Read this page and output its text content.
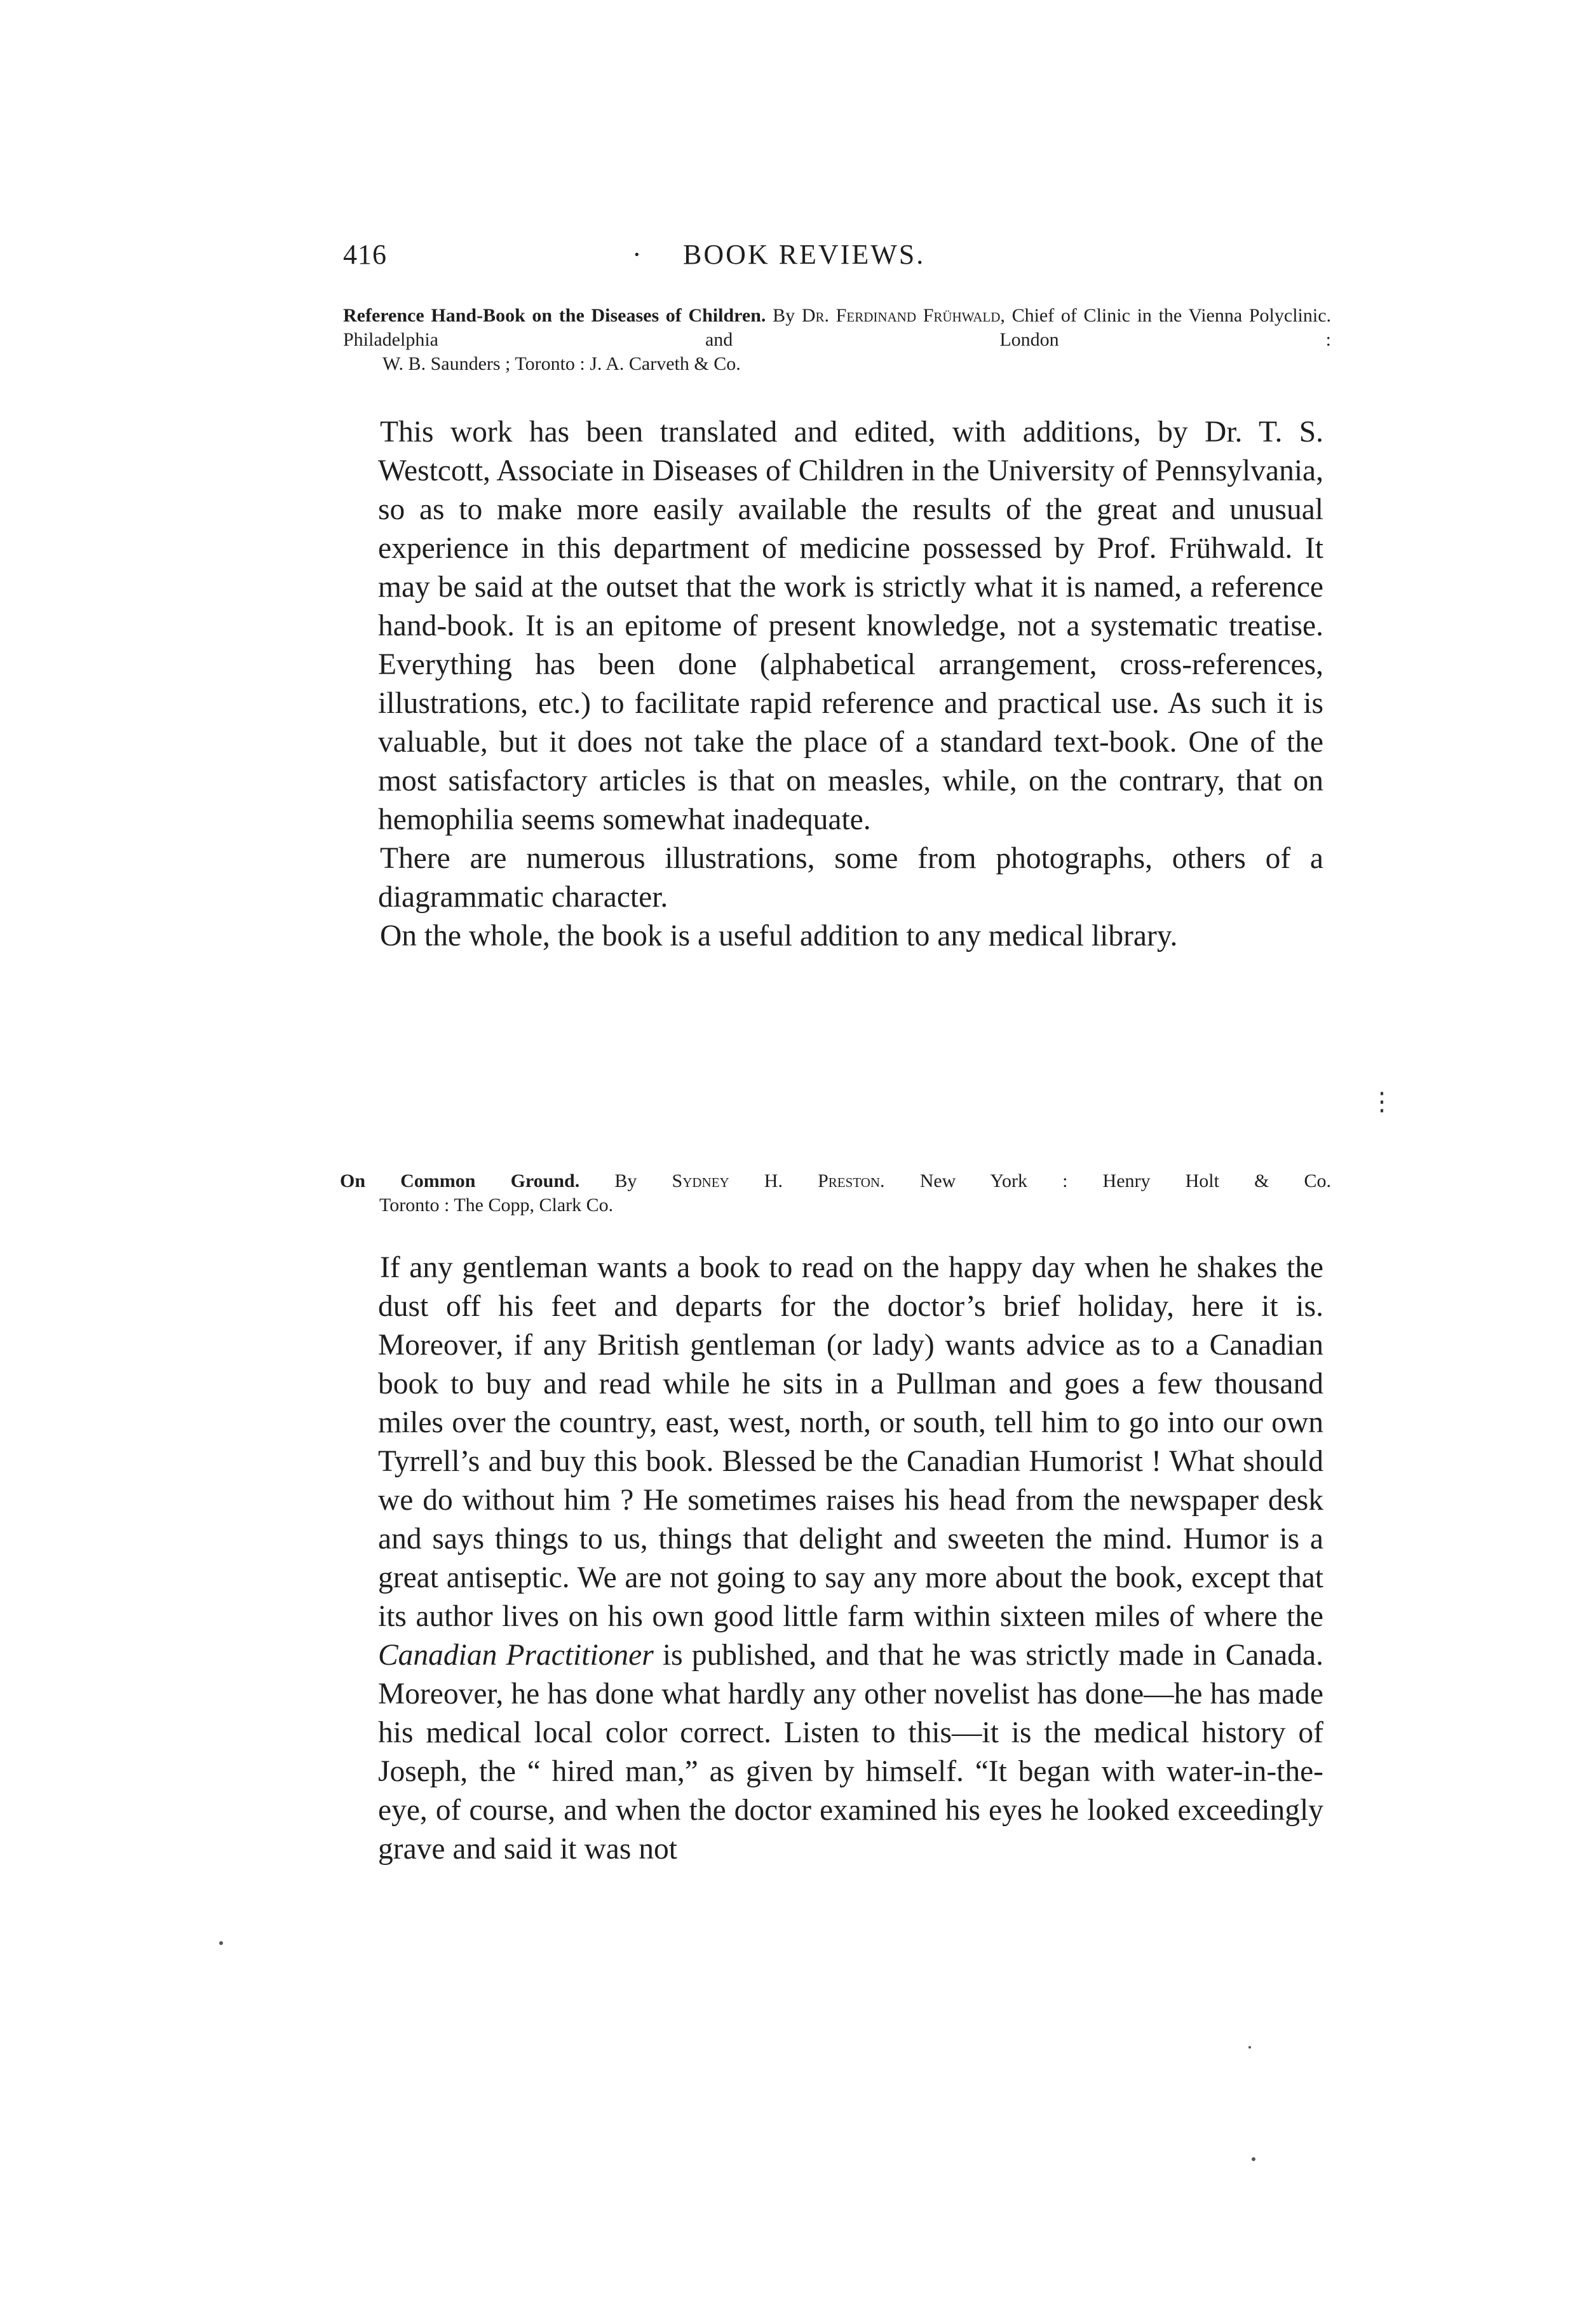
416	· BOOK REVIEWS.
Reference Hand-Book on the Diseases of Children. By Dr. Ferdinand Frühwald, Chief of Clinic in the Vienna Polyclinic. Philadelphia and London :
W. B. Saunders ; Toronto : J. A. Carveth & Co.

This work has been translated and edited, with additions, by Dr. T. S. Westcott, Associate in Diseases of Children in the University of Pennsylvania, so as to make more easily available the results of the great and unusual experience in this department of medicine possessed by Prof. Frühwald. It may be said at the outset that the work is strictly what it is named, a reference hand-book. It is an epitome of present knowledge, not a systematic treatise. Everything has been done (alphabetical arrangement, cross-references, illustrations, etc.) to facilitate rapid reference and practical use. As such it is valuable, but it does not take the place of a standard text-book. One of the most satisfactory articles is that on measles, while, on the contrary, that on hemophilia seems somewhat inadequate.

There are numerous illustrations, some from photographs, others of a diagrammatic character.

On the whole, the book is a useful addition to any medical library.

⋮
On Common Ground. By Sydney H. Preston. New York : Henry Holt & Co.
Toronto : The Copp, Clark Co.

If any gentleman wants a book to read on the happy day when he shakes the dust off his feet and departs for the doctor’s brief holiday, here it is. Moreover, if any British gentleman (or lady) wants advice as to a Canadian book to buy and read while he sits in a Pullman and goes a few thousand miles over the country, east, west, north, or south, tell him to go into our own Tyrrell’s and buy this book. Blessed be the Canadian Humorist ! What should we do without him ? He sometimes raises his head from the newspaper desk and says things to us, things that delight and sweeten the mind. Humor is a great antiseptic. We are not going to say any more about the book, except that its author lives on his own good little farm within sixteen miles of where the Canadian Practitioner is published, and that he was strictly made in Canada. Moreover, he has done what hardly any other novelist has done—he has made his medical local color correct. Listen to this—it is the medical history of Joseph, the “ hired man,” as given by himself. “It began with water-in-the-eye, of course, and when the doctor examined his eyes he looked exceedingly grave and said it was not
